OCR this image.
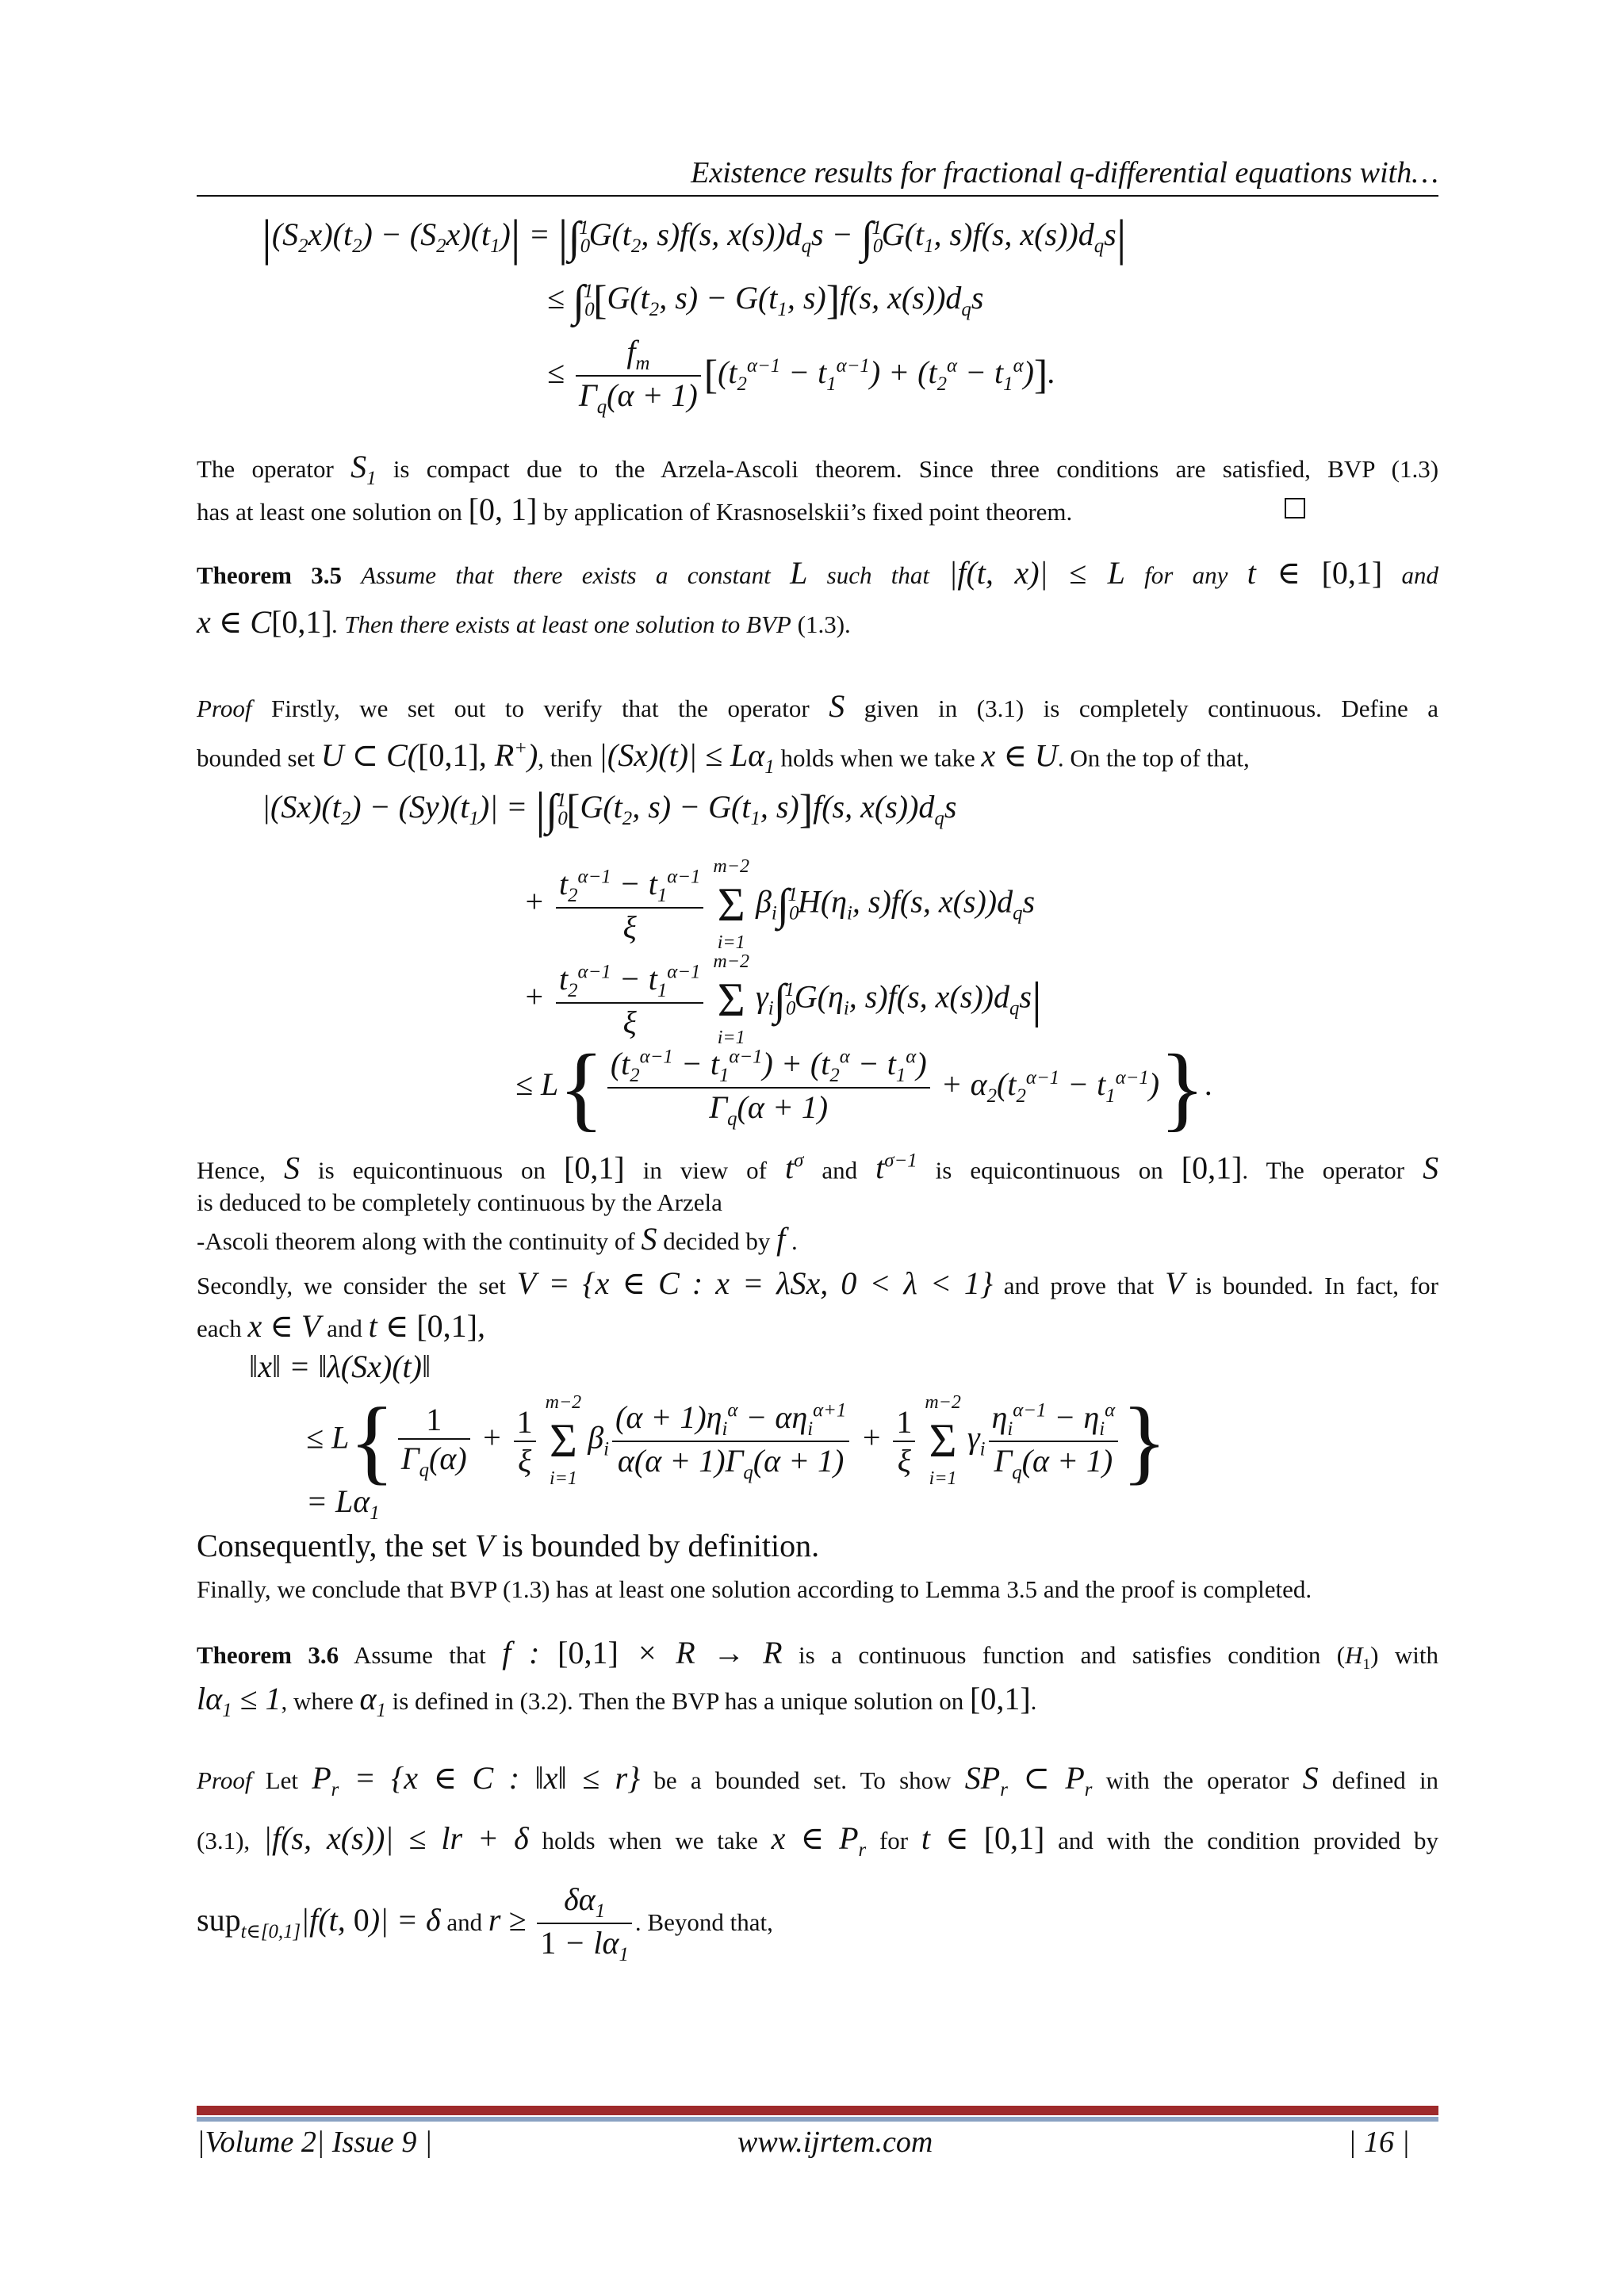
Existence results for fractional q-differential equations with…
$|(S_2x)(t_2) - (S_2x)(t_1)| = |\int_0^1G(t_2$, s)f(s, $x(s))d_qs - \int_0^1G(t_1$, s)f(s, $x(s))d_qs|$
≤ $\int_0^1[G(t_2$, $s) - G(t_1$, s)]f(s, $x(s))d_qs$
≤ $\frac{f_m}{\Gamma_q(\alpha + 1)} [(t_2^{\alpha-1} - t_1^{\alpha-1}) + (t_2^\alpha - t_1^\alpha)]$.
The operator $S_1$ is compact due to the Arzela-Ascoli theorem. Since three conditions are satisfied, BVP (1.3)
has at least one solution on [0, 1] by application of Krasnoselskii’s fixed point theorem.
Theorem 3.5 Assume that there exists a constant L such that |f(t, x)| ≤ L for any t ∈ [0,1] and
x ∈ C[0,1]. Then there exists at least one solution to BVP (1.3).
Proof Firstly, we set out to verify that the operator S given in (3.1) is completely continuous. Define a
bounded set U ⊂ C([0,1], R+), then $|(Sx)(t)| \le L\alpha_1$ holds when we take x ∈ U. On the top of that,
$|(Sx)(t_2) - (Sy)(t_1)| = |\int_0^1[G(t_2$, $s) - G(t_1$, s)]f(s, $x(s))d_qs$
+ $\frac{t_2^{\alpha-1} - t_1^{\alpha-1}}{\xi} m-2$
Σ
i=1
$\beta_i\int_0^1H(\eta_i$, s)f(s, $x(s))d_qs$
+ $\frac{t_2^{\alpha-1} - t_1^{\alpha-1}}{\xi} m-2$
Σ
i=1
$\gamma_i\int_0^1G(\eta_i$, s)f(s, $x(s))d_qs|$
≤ $L\{ \frac{(t_2^{\alpha-1} - t_1^{\alpha-1}) + (t_2^\alpha - t_1^\alpha)}{\Gamma_q(\alpha + 1)} + \alpha_2(t_2^{\alpha-1} - t_1^{\alpha-1})\}$.
Hence, S is equicontinuous on [0,1] in view of $t^\sigma$ and $t^{\sigma-1}$ is equicontinuous on [0,1]. The operator S
is deduced to be completely continuous by the Arzela
-Ascoli theorem along with the continuity of S decided by f .
Secondly, we consider the set V = {x ∈ C : x = λSx, 0 < λ < 1} and prove that V is bounded. In fact, for
each x ∈ V and t ∈ [0,1],
‖x‖ = ‖λ(Sx)(t)‖
≤ $L\{ \frac{1}{\Gamma_q(\alpha)} + \frac{1}{\xi}$
m−2
Σ
i=1
$\beta_i \frac{(\alpha + 1)\eta_i^\alpha - \alpha\eta_i^{\alpha+1}}{\alpha(\alpha + 1)\Gamma_q(\alpha + 1)} + \frac{1}{\xi}$
m−2
Σ
i=1
$\gamma_i \frac{\eta_i^{\alpha-1} - \eta_i^\alpha}{\Gamma_q(\alpha + 1)}$ }
= $L\alpha_1$
Consequently, the set V is bounded by definition.
Finally, we conclude that BVP (1.3) has at least one solution according to Lemma 3.5 and the proof is completed.
Theorem 3.6 Assume that f : [0,1] × R → R is a continuous function and satisfies condition $(H_1)$ with
$l\alpha_1 \le 1$, where $\alpha_1$ is defined in (3.2). Then the BVP has a unique solution on [0,1].
Proof Let $P_r = \{x$ ∈ C : ‖x‖ ≤ r} be a bounded set. To show $SP_r$ ⊂ $P_r$ with the operator S defined in
(3.1), |f(s, x(s))| ≤ lr + δ holds when we take x ∈ $P_r$ for t ∈ [0,1] and with the condition provided by
sup$_{t\in[0,1]}$|f(t, 0)| = δ and $r \ge \frac{\delta\alpha_1}{1 - l\alpha_1}$ . Beyond that,
|Volume 2| Issue 9 |	www.ijrtem.com	| 16 |
